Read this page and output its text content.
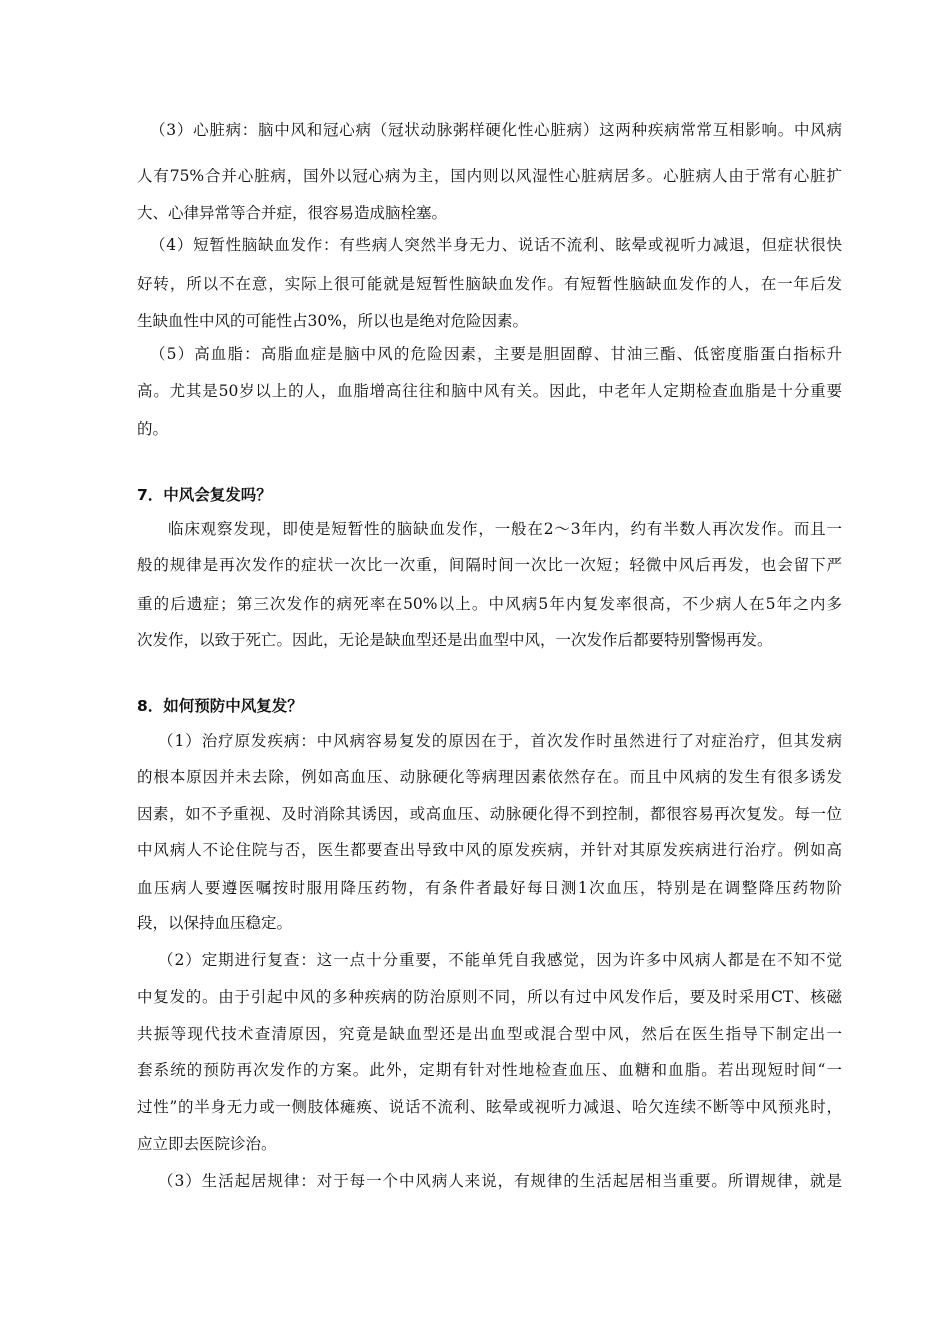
（3）心脏病：脑中风和冠心病（冠状动脉粥样硬化性心脏病）这两种疾病常常互相影响。中风病
人有75%合并心脏病，国外以冠心病为主，国内则以风湿性心脏病居多。心脏病人由于常有心脏扩
大、心律异常等合并症，很容易造成脑栓塞。
（4）短暂性脑缺血发作：有些病人突然半身无力、说话不流利、眩晕或视听力减退，但症状很快
好转，所以不在意，实际上很可能就是短暂性脑缺血发作。有短暂性脑缺血发作的人，在一年后发
生缺血性中风的可能性占30%，所以也是绝对危险因素。
（5）高血脂：高脂血症是脑中风的危险因素，主要是胆固醇、甘油三酯、低密度脂蛋白指标升
高。尤其是50岁以上的人，血脂增高往往和脑中风有关。因此，中老年人定期检查血脂是十分重要
的。
7．中风会复发吗？
临床观察发现，即使是短暂性的脑缺血发作，一般在2～3年内，约有半数人再次发作。而且一
般的规律是再次发作的症状一次比一次重，间隔时间一次比一次短；轻微中风后再发，也会留下严
重的后遗症；第三次发作的病死率在50%以上。中风病5年内复发率很高，不少病人在5年之内多
次发作，以致于死亡。因此，无论是缺血型还是出血型中风，一次发作后都要特别警惕再发。
8．如何预防中风复发？
（1）治疗原发疾病：中风病容易复发的原因在于，首次发作时虽然进行了对症治疗，但其发病
的根本原因并未去除，例如高血压、动脉硬化等病理因素依然存在。而且中风病的发生有很多诱发
因素，如不予重视、及时消除其诱因，或高血压、动脉硬化得不到控制，都很容易再次复发。每一位
中风病人不论住院与否，医生都要查出导致中风的原发疾病，并针对其原发疾病进行治疗。例如高
血压病人要遵医嘱按时服用降压药物，有条件者最好每日测1次血压，特别是在调整降压药物阶
段，以保持血压稳定。
（2）定期进行复查：这一点十分重要，不能单凭自我感觉，因为许多中风病人都是在不知不觉
中复发的。由于引起中风的多种疾病的防治原则不同，所以有过中风发作后，要及时采用CT、核磁
共振等现代技术查清原因，究竟是缺血型还是出血型或混合型中风，然后在医生指导下制定出一
套系统的预防再次发作的方案。此外，定期有针对性地检查血压、血糖和血脂。若出现短时间“一
过性”的半身无力或一侧肢体瘫痪、说话不流利、眩晕或视听力减退、哈欠连续不断等中风预兆时，
应立即去医院诊治。
（3）生活起居规律：对于每一个中风病人来说，有规律的生活起居相当重要。所谓规律，就是
